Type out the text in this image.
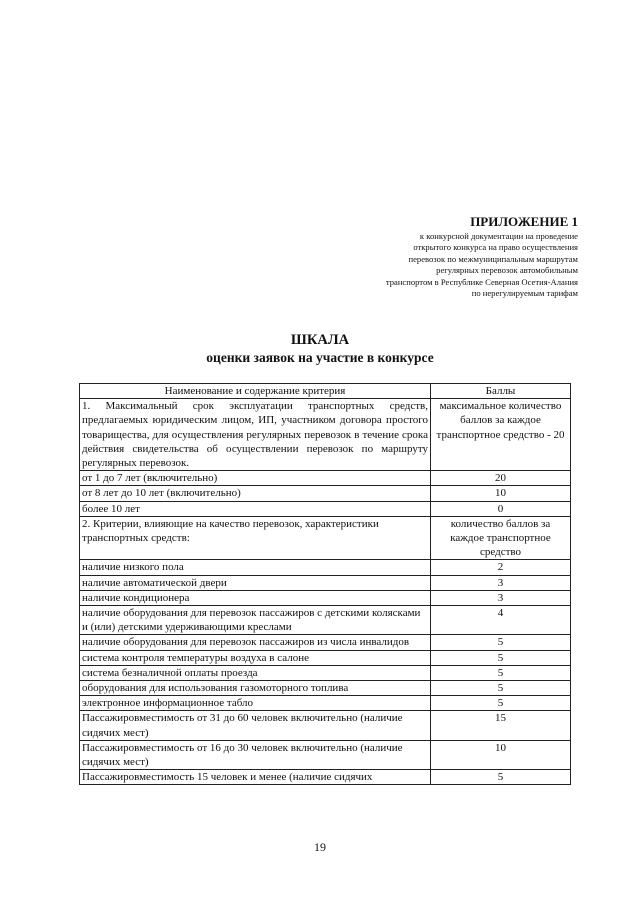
ПРИЛОЖЕНИЕ 1
к конкурсной документации на проведение
открытого конкурса на право осуществления
перевозок по межмуниципальным маршрутам
регулярных перевозок автомобильным
транспортом в Республике Северная Осетия-Алания
по нерегулируемым тарифам
ШКАЛА
оценки заявок на участие в конкурсе
Наименование и содержание критерия	Баллы
1. Максимальный срок эксплуатации транспортных средств, предлагаемых юридическим лицом, ИП, участником договора простого товарищества, для осуществления регулярных перевозок в течение срока действия свидетельства об осуществлении перевозок по маршруту регулярных перевозок.	максимальное количество баллов за каждое транспортное средство - 20
от 1 до 7 лет (включительно)	20
от 8 лет до 10 лет (включительно)	10
более 10 лет	0
2. Критерии, влияющие на качество перевозок, характеристики транспортных средств:	количество баллов за каждое транспортное средство
наличие низкого пола	2
наличие автоматической двери	3
наличие кондиционера	3
наличие оборудования для перевозок пассажиров с детскими колясками и (или) детскими удерживающими креслами	4
наличие оборудования для перевозок пассажиров из числа инвалидов	5
система контроля температуры воздуха в салоне	5
система безналичной оплаты проезда	5
оборудования для использования газомоторного топлива	5
электронное информационное табло	5
Пассажировместимость от 31 до 60 человек включительно (наличие сидячих мест)	15
Пассажировместимость от 16 до 30 человек включительно (наличие сидячих мест)	10
Пассажировместимость 15 человек и менее (наличие сидячих	5
19
